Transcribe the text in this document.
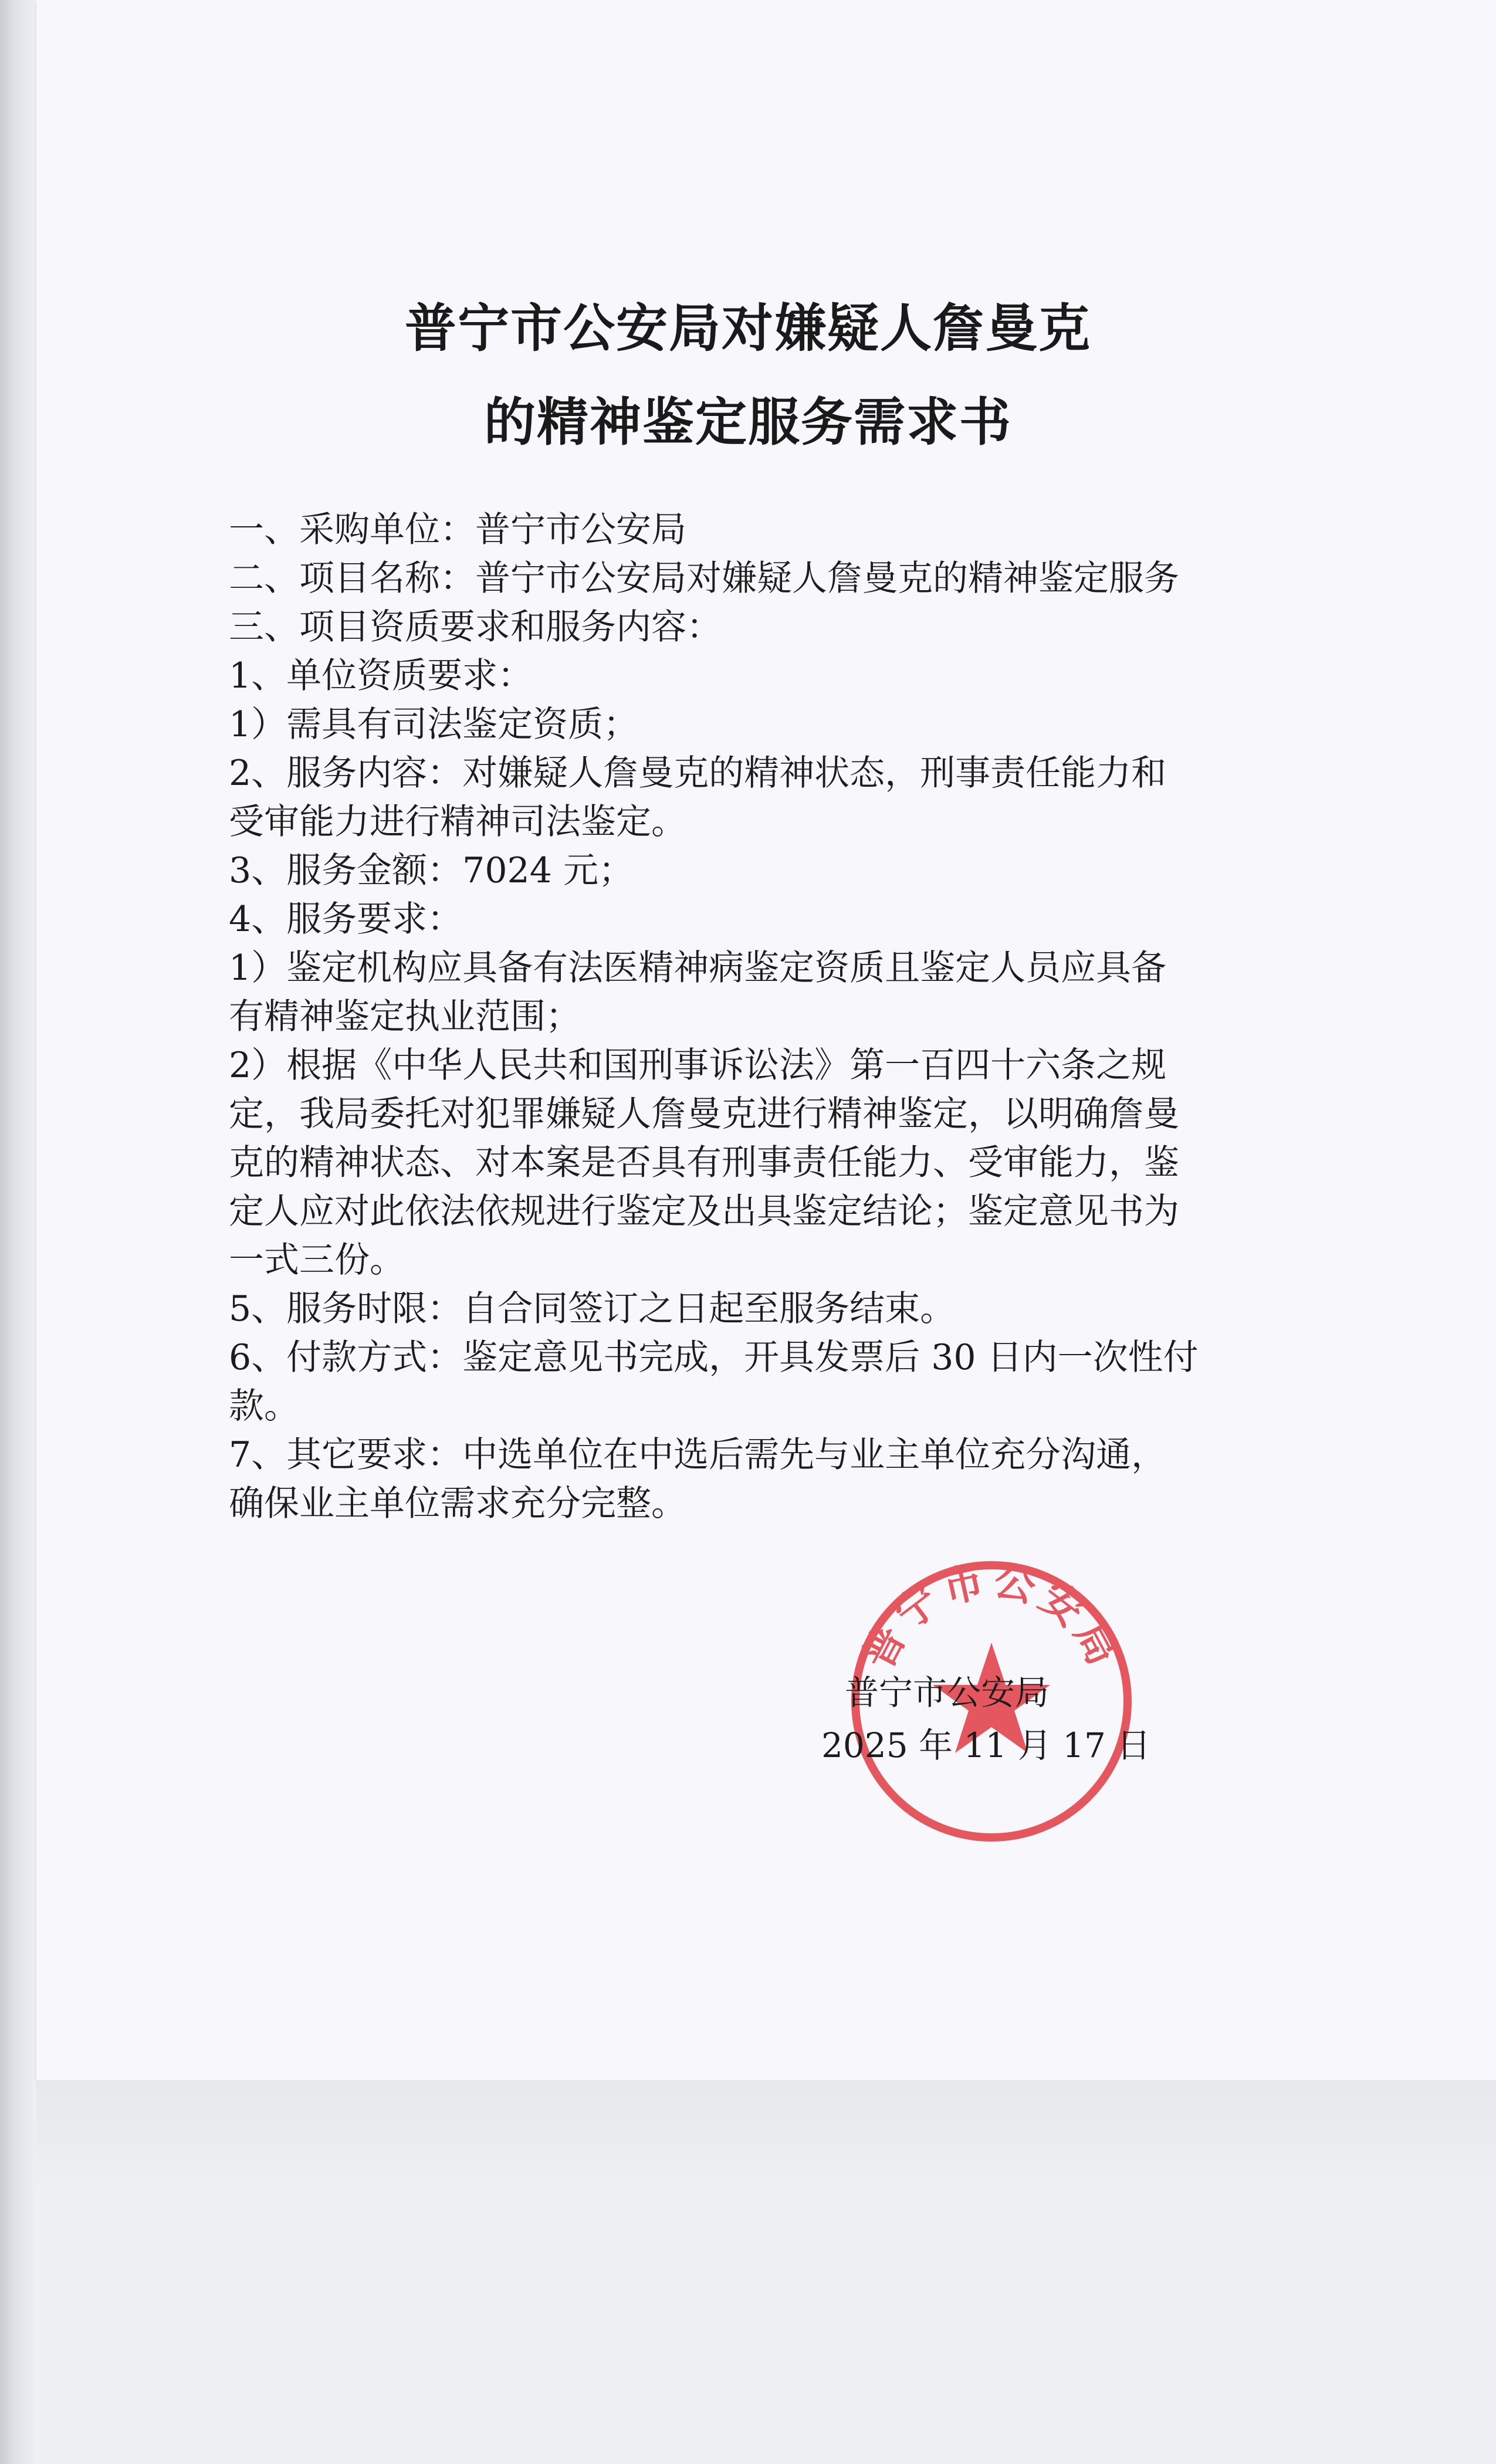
普宁市公安局对嫌疑人詹曼克
的精神鉴定服务需求书

一、采购单位：普宁市公安局

二、项目名称：普宁市公安局对嫌疑人詹曼克的精神鉴定服务

三、项目资质要求和服务内容：

1、单位资质要求：

1）需具有司法鉴定资质；

2、服务内容：对嫌疑人詹曼克的精神状态，刑事责任能力和

受审能力进行精神司法鉴定。

3、服务金额：7024 元；

4、服务要求：

1）鉴定机构应具备有法医精神病鉴定资质且鉴定人员应具备

有精神鉴定执业范围；

2）根据《中华人民共和国刑事诉讼法》第一百四十六条之规

定，我局委托对犯罪嫌疑人詹曼克进行精神鉴定，以明确詹曼

克的精神状态、对本案是否具有刑事责任能力、受审能力，鉴

定人应对此依法依规进行鉴定及出具鉴定结论；鉴定意见书为

一式三份。

5、服务时限：自合同签订之日起至服务结束。

6、付款方式：鉴定意见书完成，开具发票后 30 日内一次性付

款。

7、其它要求：中选单位在中选后需先与业主单位充分沟通，

确保业主单位需求充分完整。

普宁市公安局
普宁市公安局
2025 年 11 月 17 日
